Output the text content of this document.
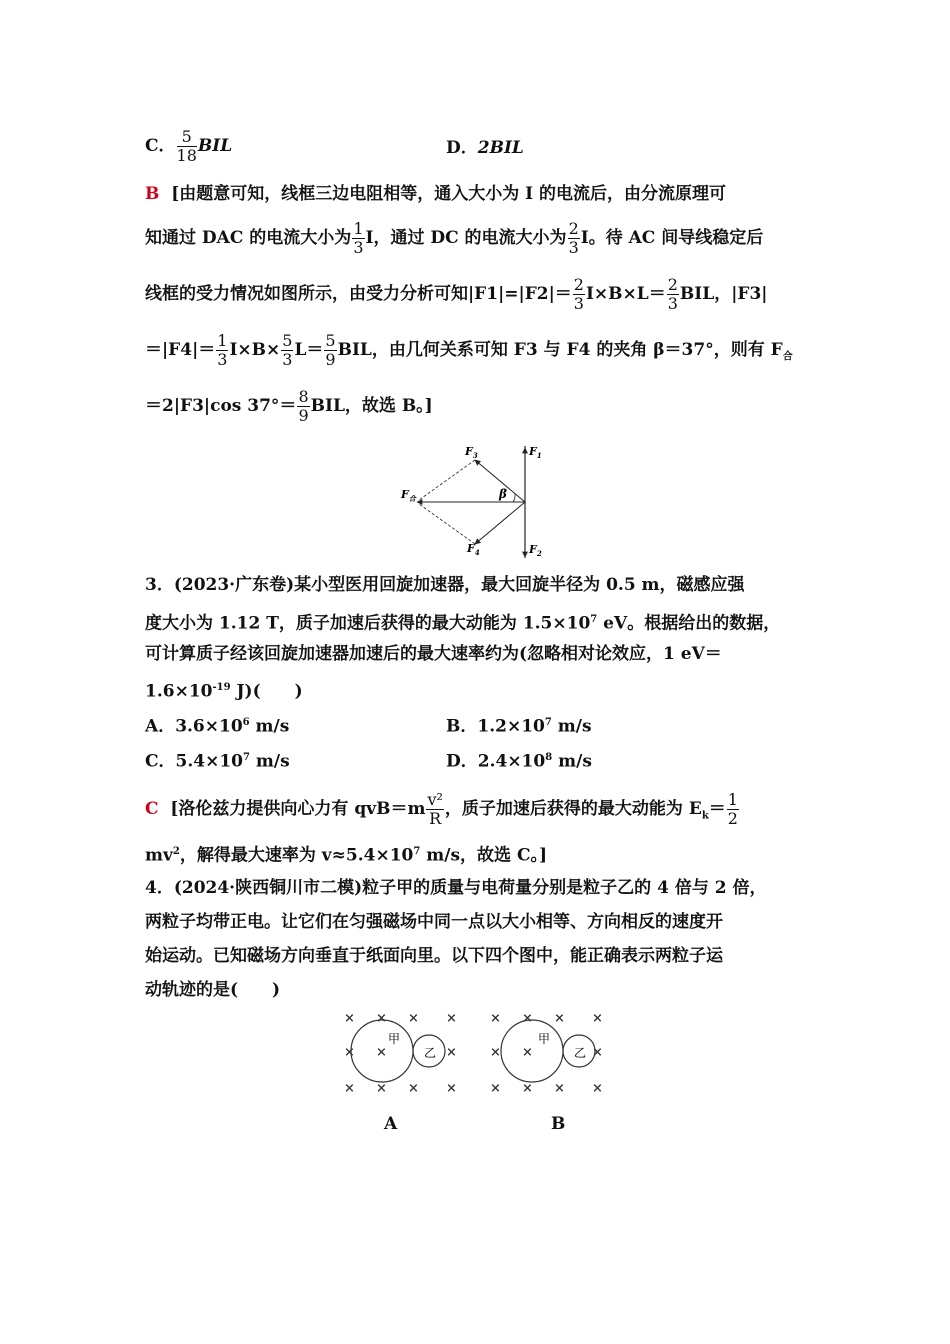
C． $\frac{5}{18}$ BIL	D．2BIL
B [由题意可知，线框三边电阻相等，通入大小为 I 的电流后，由分流原理可
知通过 DAC 的电流大小为 $\frac{1}{3}$ I，通过 DC 的电流大小为 $\frac{2}{3}$ I。待 AC 间导线稳定后
线框的受力情况如图所示，由受力分析可知$|F1|=|F2|= \frac{2}{3} I\times B\times L= \frac{2}{3}$ BIL，|F3|
$=|F4|= \frac{1}{3} I\times B\times \frac{5}{3} L= \frac{5}{9}$ BIL，由几何关系可知 F3 与 F4 的夹角 β＝37°，则有 $F_合$
＝2|F3|cos $37^\circ= \frac{8}{9}$ BIL，故选 B。]
$F_3$	$F_1$
β
$F_合$
$F_4$	$F_2$
3．(2023·广东卷)某小型医用回旋加速器，最大回旋半径为 0.5 m，磁感应强
度大小为 1.12 T，质子加速后获得的最大动能为 $1.5\times 10^7$ eV。根据给出的数据，
可计算质子经该回旋加速器加速后的最大速率约为(忽略相对论效应，1 eV＝
$1.6\times 10^{-19}$ J)(　　)
A．$3.6\times 10^6$ m/s	B．$1.2\times 10^7$ m/s
C．$5.4\times 10^7$ m/s	D．$2.4\times 10^8$ m/s
C [洛伦兹力提供向心力有 $qvB=m \frac{\text{v²}}{R}$ ，质子加速后获得的最大动能为 $E_k= \frac{1}{2}$
$mv^2$，解得最大速率为 $v\approx 5.4\times 10^7$ m/s，故选 C。]
4．(2024·陕西铜川市二模)粒子甲的质量与电荷量分别是粒子乙的 4 倍与 2 倍，
两粒子均带正电。让它们在匀强磁场中同一点以大小相等、方向相反的速度开
始运动。已知磁场方向垂直于纸面向里。以下四个图中，能正确表示两粒子运
动轨迹的是(　　)
× × × ×
× ×	×
× × × ×
甲
乙
A
× × × ×
× ×	×
× × × ×
甲
乙
B
